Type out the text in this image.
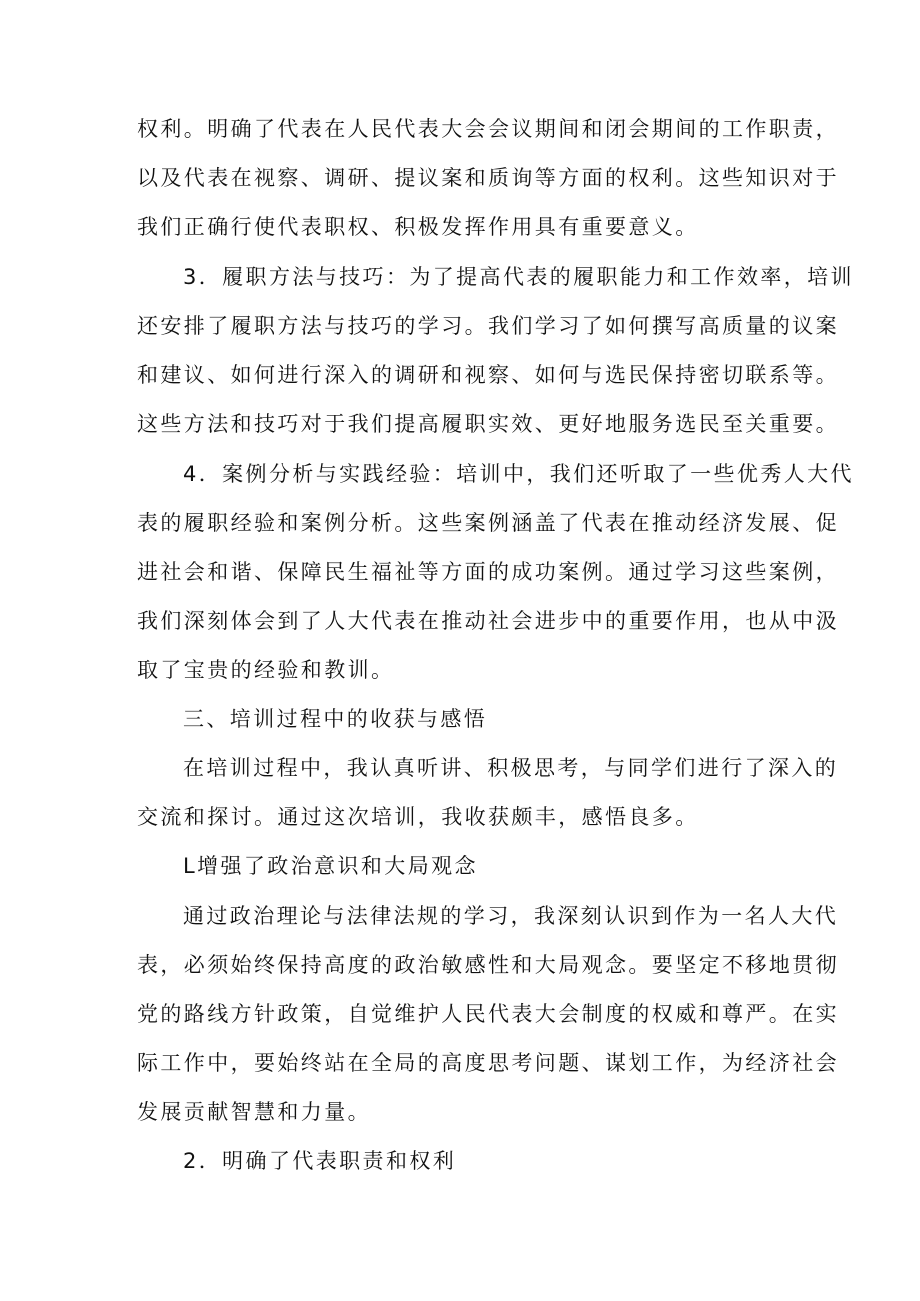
权利。明确了代表在人民代表大会会议期间和闭会期间的工作职责，
以及代表在视察、调研、提议案和质询等方面的权利。这些知识对于
我们正确行使代表职权、积极发挥作用具有重要意义。
3．履职方法与技巧：为了提高代表的履职能力和工作效率，培训
还安排了履职方法与技巧的学习。我们学习了如何撰写高质量的议案
和建议、如何进行深入的调研和视察、如何与选民保持密切联系等。
这些方法和技巧对于我们提高履职实效、更好地服务选民至关重要。
4．案例分析与实践经验：培训中，我们还听取了一些优秀人大代
表的履职经验和案例分析。这些案例涵盖了代表在推动经济发展、促
进社会和谐、保障民生福祉等方面的成功案例。通过学习这些案例，
我们深刻体会到了人大代表在推动社会进步中的重要作用，也从中汲
取了宝贵的经验和教训。
三、培训过程中的收获与感悟
在培训过程中，我认真听讲、积极思考，与同学们进行了深入的
交流和探讨。通过这次培训，我收获颇丰，感悟良多。
L增强了政治意识和大局观念
通过政治理论与法律法规的学习，我深刻认识到作为一名人大代
表，必须始终保持高度的政治敏感性和大局观念。要坚定不移地贯彻
党的路线方针政策，自觉维护人民代表大会制度的权威和尊严。在实
际工作中，要始终站在全局的高度思考问题、谋划工作，为经济社会
发展贡献智慧和力量。
2．明确了代表职责和权利
